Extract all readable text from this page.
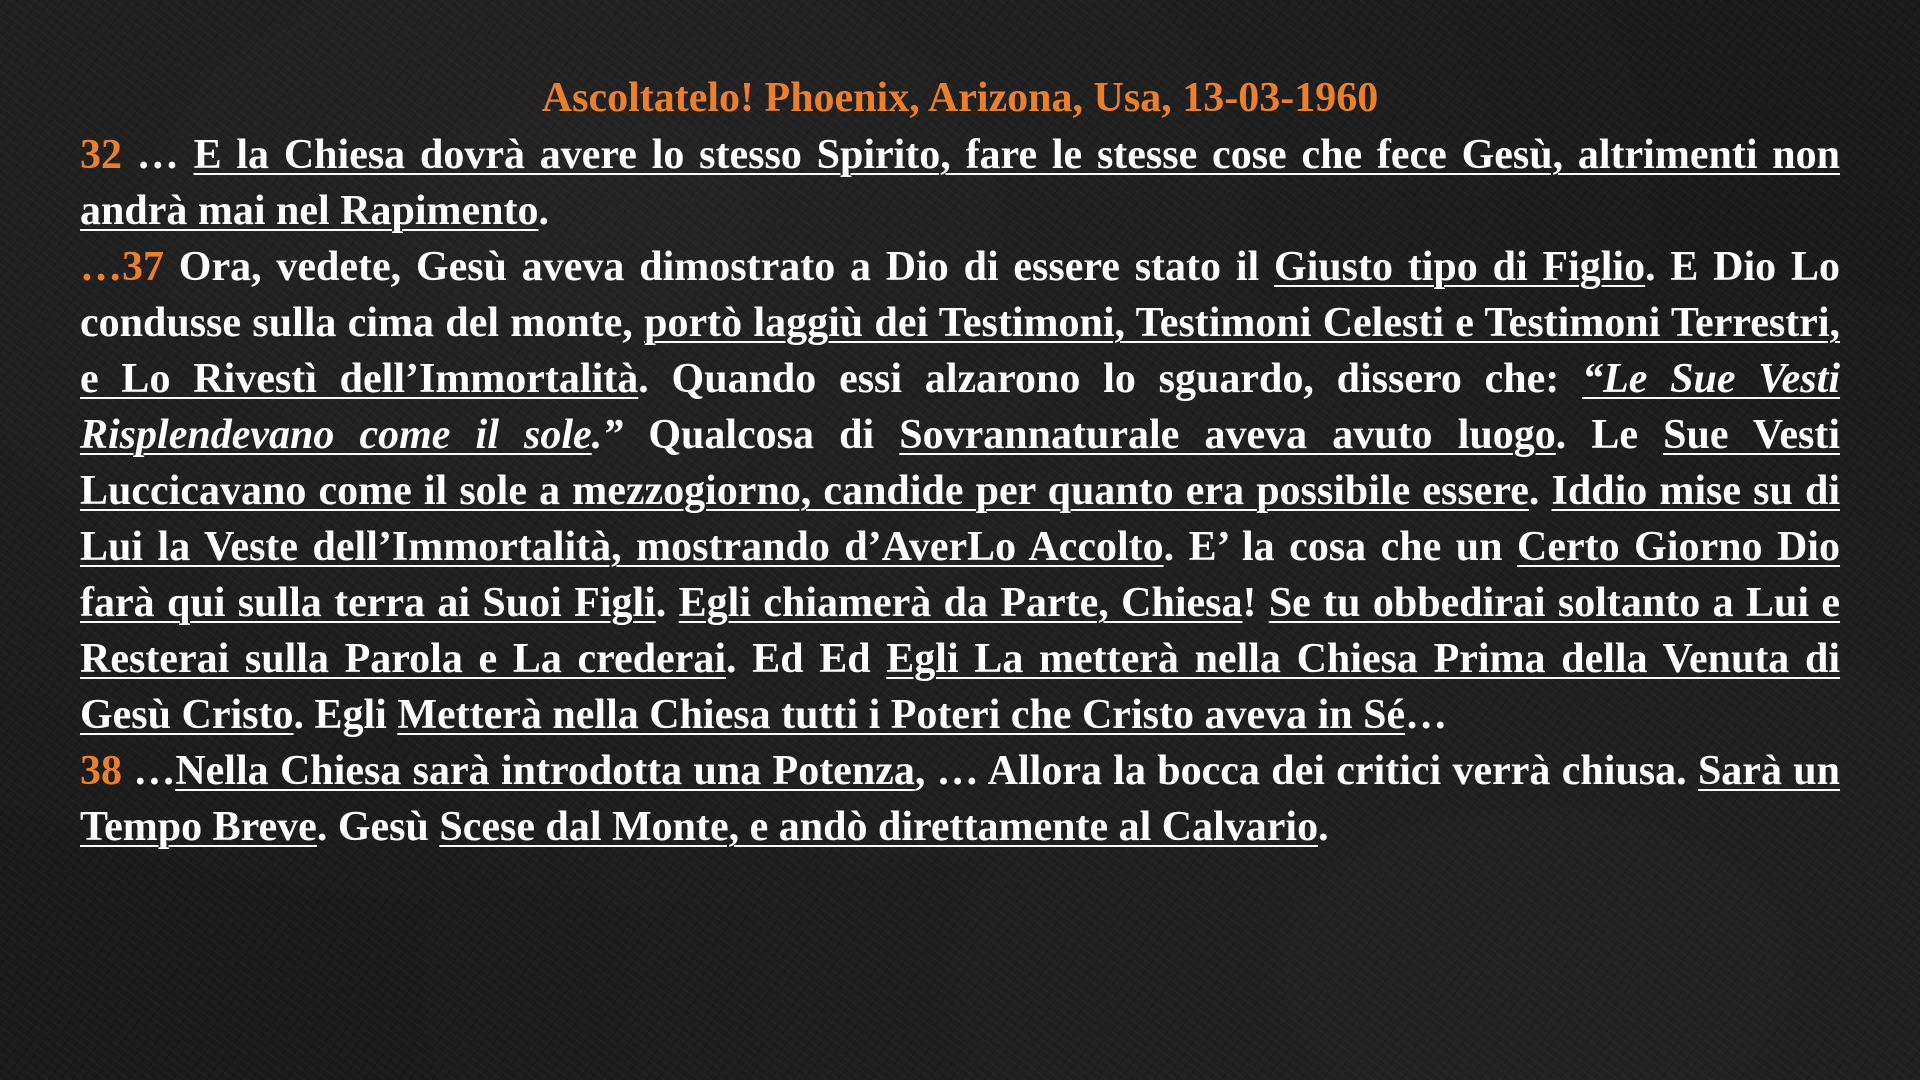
Ascoltatelo! Phoenix, Arizona, Usa, 13-03-1960

32 … E la Chiesa dovrà avere lo stesso Spirito, fare le stesse cose che fece Gesù, altrimenti non andrà mai nel Rapimento.

…37 Ora, vedete, Gesù aveva dimostrato a Dio di essere stato il Giusto tipo di Figlio. E Dio Lo condusse sulla cima del monte, portò laggiù dei Testimoni, Testimoni Celesti e Testimoni Terrestri, e Lo Rivestì dell’Immortalità. Quando essi alzarono lo sguardo, dissero che: “Le Sue Vesti Risplendevano come il sole.” Qualcosa di Sovrannaturale aveva avuto luogo. Le Sue Vesti Luccicavano come il sole a mezzogiorno, candide per quanto era possibile essere. Iddio mise su di Lui la Veste dell’Immortalità, mostrando d’AverLo Accolto. E’ la cosa che un Certo Giorno Dio farà qui sulla terra ai Suoi Figli. Egli chiamerà da Parte, Chiesa! Se tu obbedirai soltanto a Lui e Resterai sulla Parola e La crederai. Ed Ed Egli La metterà nella Chiesa Prima della Venuta di Gesù Cristo. Egli Metterà nella Chiesa tutti i Poteri che Cristo aveva in Sé…

38 …Nella Chiesa sarà introdotta una Potenza, … Allora la bocca dei critici verrà chiusa. Sarà un Tempo Breve. Gesù Scese dal Monte, e andò direttamente al Calvario.
